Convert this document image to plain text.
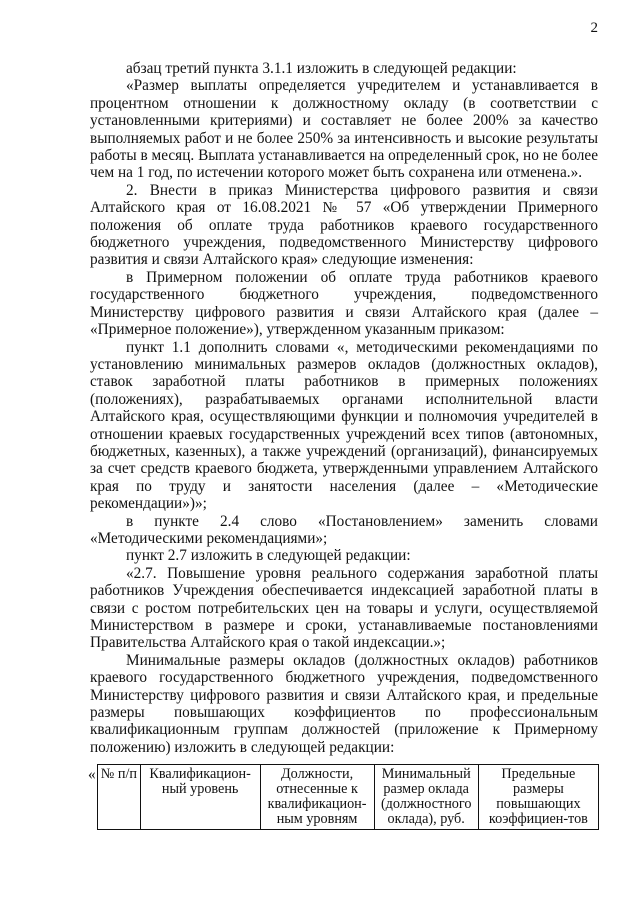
2

абзац третий пункта 3.1.1 изложить в следующей редакции:

«Размер выплаты определяется учредителем и устанавливается в процентном отношении к должностному окладу (в соответствии с установленными критериями) и составляет не более 200% за качество выполняемых работ и не более 250% за интенсивность и высокие результаты работы в месяц. Выплата устанавливается на определенный срок, но не более чем на 1 год, по истечении которого может быть сохранена или отменена.».

2. Внести в приказ Министерства цифрового развития и связи Алтайского края от 16.08.2021 № 57 «Об утверждении Примерного положения об оплате труда работников краевого государственного бюджетного учреждения, подведомственного Министерству цифрового развития и связи Алтайского края» следующие изменения:

в Примерном положении об оплате труда работников краевого государственного бюджетного учреждения, подведомственного Министерству цифрового развития и связи Алтайского края (далее – «Примерное положение»), утвержденном указанным приказом:

пункт 1.1 дополнить словами «, методическими рекомендациями по установлению минимальных размеров окладов (должностных окладов), ставок заработной платы работников в примерных положениях (положениях), разрабатываемых органами исполнительной власти Алтайского края, осуществляющими функции и полномочия учредителей в отношении краевых государственных учреждений всех типов (автономных, бюджетных, казенных), а также учреждений (организаций), финансируемых за счет средств краевого бюджета, утвержденными управлением Алтайского края по труду и занятости населения (далее – «Методические рекомендации»)»;

в пункте 2.4 слово «Постановлением» заменить словами «Методическими рекомендациями»;

пункт 2.7 изложить в следующей редакции:

«2.7. Повышение уровня реального содержания заработной платы работников Учреждения обеспечивается индексацией заработной платы в связи с ростом потребительских цен на товары и услуги, осуществляемой Министерством в размере и сроки, устанавливаемые постановлениями Правительства Алтайского края о такой индексации.»;

Минимальные размеры окладов (должностных окладов) работников краевого государственного бюджетного учреждения, подведомственного Министерству цифрового развития и связи Алтайского края, и предельные размеры повышающих коэффициентов по профессиональным квалификационным группам должностей (приложение к Примерному положению) изложить в следующей редакции:

« № п/п	Квалификацион-ный уровень	Должности, отнесенные к квалификацион-ным уровням	Минимальный размер оклада (должностного оклада), руб.	Предельные размеры повышающих коэффициен-тов
